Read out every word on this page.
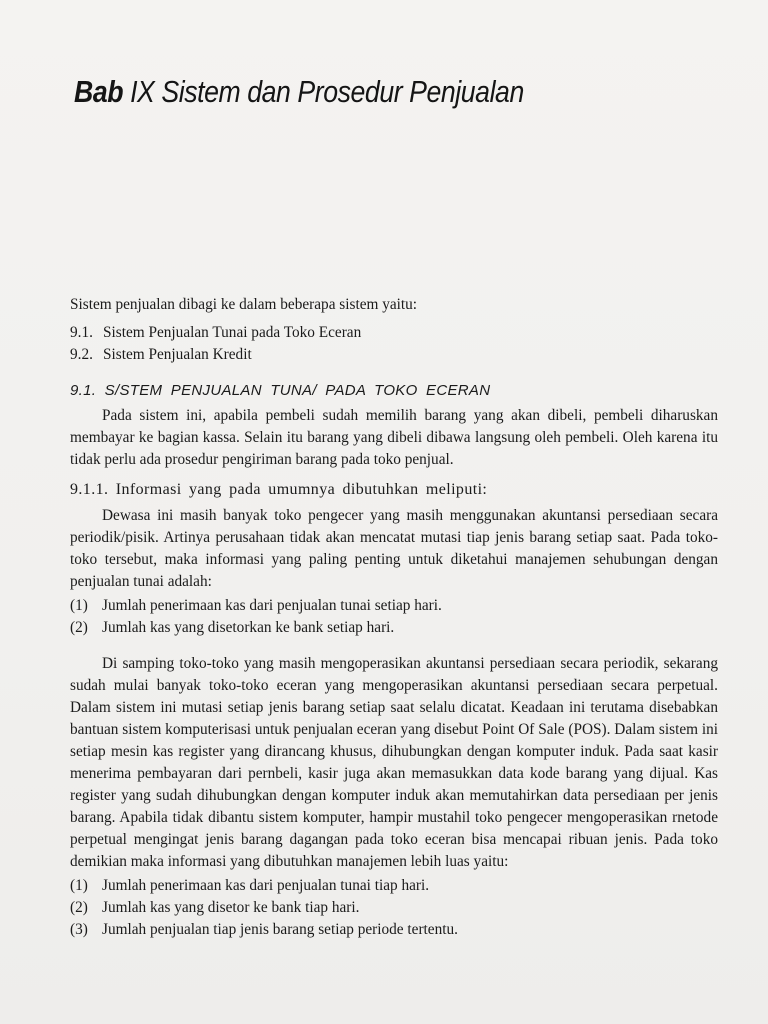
Bab IX Sistem dan Prosedur Penjualan

Sistem penjualan dibagi ke dalam beberapa sistem yaitu:

9.1. Sistem Penjualan Tunai pada Toko Eceran
9.2. Sistem Penjualan Kredit
9.1. S/STEM PENJUALAN TUNA/ PADA TOKO ECERAN

Pada sistem ini, apabila pembeli sudah memilih barang yang akan dibeli, pembeli diharuskan membayar ke bagian kassa. Selain itu barang yang dibeli dibawa langsung oleh pembeli. Oleh karena itu tidak perlu ada prosedur pengiriman barang pada toko penjual.

9.1.1. Informasi yang pada umumnya dibutuhkan meliputi:

Dewasa ini masih banyak toko pengecer yang masih menggunakan akuntansi persediaan secara periodik/pisik. Artinya perusahaan tidak akan mencatat mutasi tiap jenis barang setiap saat. Pada toko-toko tersebut, maka informasi yang paling penting untuk diketahui manajemen sehubungan dengan penjualan tunai adalah:

(1) Jumlah penerimaan kas dari penjualan tunai setiap hari.
(2) Jumlah kas yang disetorkan ke bank setiap hari.

Di samping toko-toko yang masih mengoperasikan akuntansi persediaan secara periodik, sekarang sudah mulai banyak toko-toko eceran yang mengoperasikan akuntansi persediaan secara perpetual. Dalam sistem ini mutasi setiap jenis barang setiap saat selalu dicatat. Keadaan ini terutama disebabkan bantuan sistem komputerisasi untuk penjualan eceran yang disebut Point Of Sale (POS). Dalam sistem ini setiap mesin kas register yang dirancang khusus, dihubungkan dengan komputer induk. Pada saat kasir menerima pembayaran dari pernbeli, kasir juga akan memasukkan data kode barang yang dijual. Kas register yang sudah dihubungkan dengan komputer induk akan memutahirkan data persediaan per jenis barang. Apabila tidak dibantu sistem komputer, hampir mustahil toko pengecer mengoperasikan rnetode perpetual mengingat jenis barang dagangan pada toko eceran bisa mencapai ribuan jenis. Pada toko demikian maka informasi yang dibutuhkan manajemen lebih luas yaitu:

(1) Jumlah penerimaan kas dari penjualan tunai tiap hari.
(2) Jumlah kas yang disetor ke bank tiap hari.
(3) Jumlah penjualan tiap jenis barang setiap periode tertentu.
